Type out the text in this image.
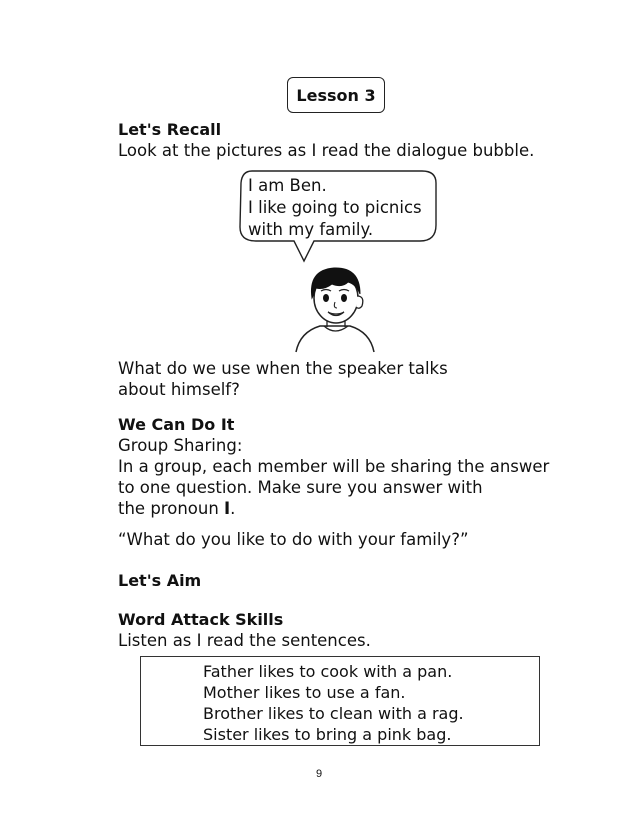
Lesson 3
Let's Recall
Look at the pictures as I read the dialogue bubble.
I am Ben.
I like going to picnics
with my family.
What do we use when the speaker talks
about himself?
We Can Do It
Group Sharing:
In a group, each member will be sharing the answer
to one question. Make sure you answer with
the pronoun I.
“What do you like to do with your family?”
Let's Aim
Word Attack Skills
Listen as I read the sentences.
Father likes to cook with a pan.
Mother likes to use a fan.
Brother likes to clean with a rag.
Sister likes to bring a pink bag.
9
